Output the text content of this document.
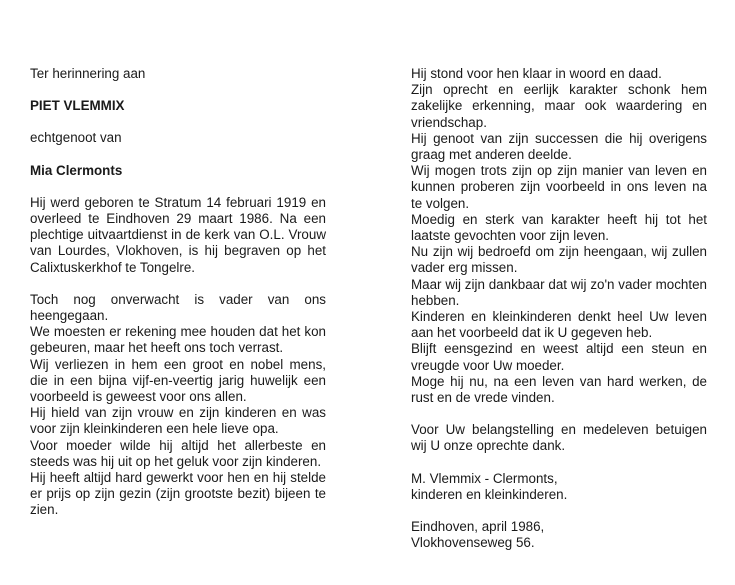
Ter herinnering aan

PIET VLEMMIX

echtgenoot van

Mia Clermonts

Hij werd geboren te Stratum 14 februari 1919 en overleed te Eindhoven 29 maart 1986. Na een plechtige uitvaartdienst in de kerk van O.L. Vrouw van Lourdes, Vlokhoven, is hij begraven op het Calixtuskerkhof te Tongelre.

Toch nog onverwacht is vader van ons heengegaan.

We moesten er rekening mee houden dat het kon gebeuren, maar het heeft ons toch verrast.

Wij verliezen in hem een groot en nobel mens, die in een bijna vijf-en-veertig jarig huwelijk een voorbeeld is geweest voor ons allen.

Hij hield van zijn vrouw en zijn kinderen en was voor zijn kleinkinderen een hele lieve opa.

Voor moeder wilde hij altijd het allerbeste en steeds was hij uit op het geluk voor zijn kinderen.

Hij heeft altijd hard gewerkt voor hen en hij stelde er prijs op zijn gezin (zijn grootste bezit) bijeen te zien.

Hij stond voor hen klaar in woord en daad.

Zijn oprecht en eerlijk karakter schonk hem zakelijke erkenning, maar ook waardering en vriendschap.

Hij genoot van zijn successen die hij overigens graag met anderen deelde.

Wij mogen trots zijn op zijn manier van leven en kunnen proberen zijn voorbeeld in ons leven na te volgen.

Moedig en sterk van karakter heeft hij tot het laatste gevochten voor zijn leven.

Nu zijn wij bedroefd om zijn heengaan, wij zullen vader erg missen.

Maar wij zijn dankbaar dat wij zo'n vader mochten hebben.

Kinderen en kleinkinderen denkt heel Uw leven aan het voorbeeld dat ik U gegeven heb.

Blijft eensgezind en weest altijd een steun en vreugde voor Uw moeder.

Moge hij nu, na een leven van hard werken, de rust en de vrede vinden.

Voor Uw belangstelling en medeleven betuigen wij U onze oprechte dank.

M. Vlemmix - Clermonts,

kinderen en kleinkinderen.

Eindhoven, april 1986,

Vlokhovenseweg 56.
